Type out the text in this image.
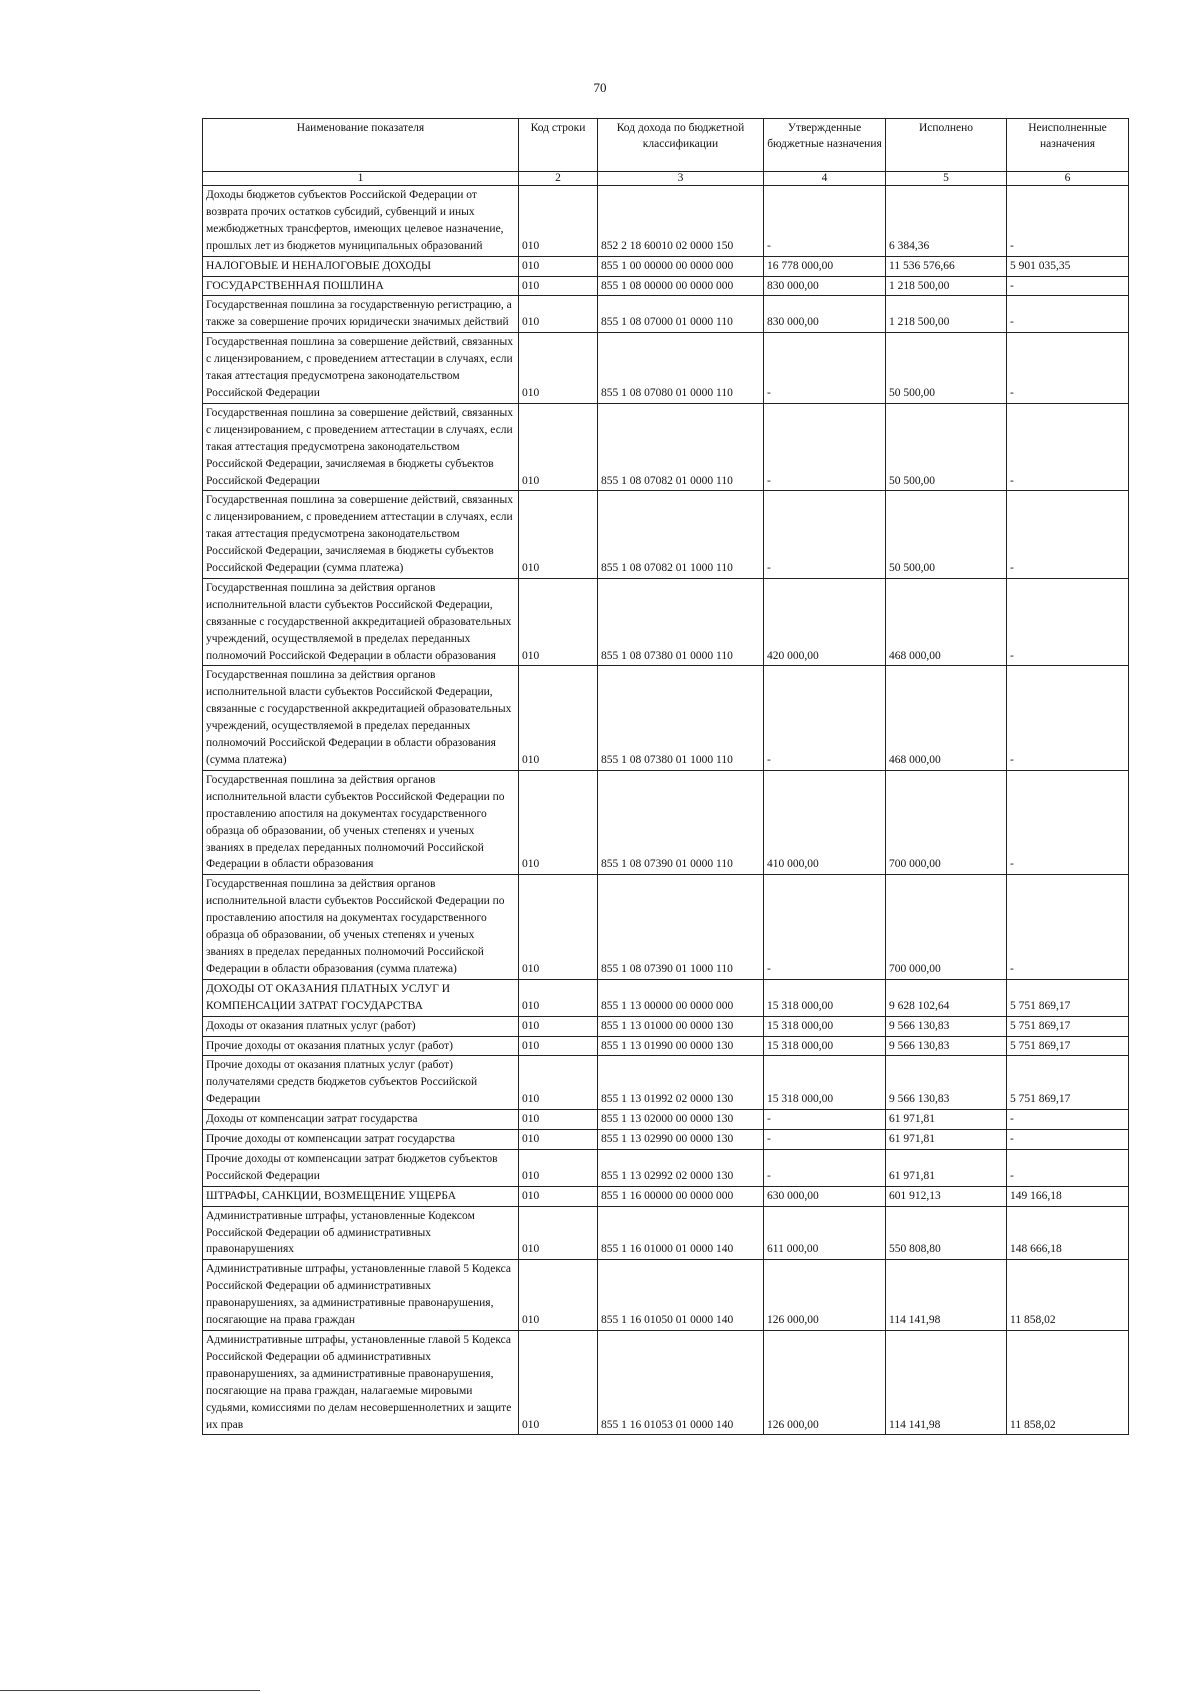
70
Наименование показателя	Код строки	Код дохода по бюджетной классификации	Утвержденные бюджетные назначения	Исполнено	Неисполненные назначения
1	2	3	4	5	6
Доходы бюджетов субъектов Российской Федерации от возврата прочих остатков субсидий, субвенций и иных межбюджетных трансфертов, имеющих целевое назначение, прошлых лет из бюджетов муниципальных образований	010	852 2 18 60010 02 0000 150	-	6 384,36	-
НАЛОГОВЫЕ И НЕНАЛОГОВЫЕ ДОХОДЫ	010	855 1 00 00000 00 0000 000	16 778 000,00	11 536 576,66	5 901 035,35
ГОСУДАРСТВЕННАЯ ПОШЛИНА	010	855 1 08 00000 00 0000 000	830 000,00	1 218 500,00	-
Государственная пошлина за государственную регистрацию, а также за совершение прочих юридически значимых действий	010	855 1 08 07000 01 0000 110	830 000,00	1 218 500,00	-
Государственная пошлина за совершение действий, связанных с лицензированием, с проведением аттестации в случаях, если такая аттестация предусмотрена законодательством Российской Федерации	010	855 1 08 07080 01 0000 110	-	50 500,00	-
Государственная пошлина за совершение действий, связанных с лицензированием, с проведением аттестации в случаях, если такая аттестация предусмотрена законодательством Российской Федерации, зачисляемая в бюджеты субъектов Российской Федерации	010	855 1 08 07082 01 0000 110	-	50 500,00	-
Государственная пошлина за совершение действий, связанных с лицензированием, с проведением аттестации в случаях, если такая аттестация предусмотрена законодательством Российской Федерации, зачисляемая в бюджеты субъектов Российской Федерации (сумма платежа)	010	855 1 08 07082 01 1000 110	-	50 500,00	-
Государственная пошлина за действия органов исполнительной власти субъектов Российской Федерации, связанные с государственной аккредитацией образовательных учреждений, осуществляемой в пределах переданных полномочий Российской Федерации в области образования	010	855 1 08 07380 01 0000 110	420 000,00	468 000,00	-
Государственная пошлина за действия органов исполнительной власти субъектов Российской Федерации, связанные с государственной аккредитацией образовательных учреждений, осуществляемой в пределах переданных полномочий Российской Федерации в области образования (сумма платежа)	010	855 1 08 07380 01 1000 110	-	468 000,00	-
Государственная пошлина за действия органов исполнительной власти субъектов Российской Федерации по проставлению апостиля на документах государственного образца об образовании, об ученых степенях и ученых званиях в пределах переданных полномочий Российской Федерации в области образования	010	855 1 08 07390 01 0000 110	410 000,00	700 000,00	-
Государственная пошлина за действия органов исполнительной власти субъектов Российской Федерации по проставлению апостиля на документах государственного образца об образовании, об ученых степенях и ученых званиях в пределах переданных полномочий Российской Федерации в области образования (сумма платежа)	010	855 1 08 07390 01 1000 110	-	700 000,00	-
ДОХОДЫ ОТ ОКАЗАНИЯ ПЛАТНЫХ УСЛУГ И КОМПЕНСАЦИИ ЗАТРАТ ГОСУДАРСТВА	010	855 1 13 00000 00 0000 000	15 318 000,00	9 628 102,64	5 751 869,17
Доходы от оказания платных услуг (работ)	010	855 1 13 01000 00 0000 130	15 318 000,00	9 566 130,83	5 751 869,17
Прочие доходы от оказания платных услуг (работ)	010	855 1 13 01990 00 0000 130	15 318 000,00	9 566 130,83	5 751 869,17
Прочие доходы от оказания платных услуг (работ) получателями средств бюджетов субъектов Российской Федерации	010	855 1 13 01992 02 0000 130	15 318 000,00	9 566 130,83	5 751 869,17
Доходы от компенсации затрат государства	010	855 1 13 02000 00 0000 130	-	61 971,81	-
Прочие доходы от компенсации затрат государства	010	855 1 13 02990 00 0000 130	-	61 971,81	-
Прочие доходы от компенсации затрат бюджетов субъектов Российской Федерации	010	855 1 13 02992 02 0000 130	-	61 971,81	-
ШТРАФЫ, САНКЦИИ, ВОЗМЕЩЕНИЕ УЩЕРБА	010	855 1 16 00000 00 0000 000	630 000,00	601 912,13	149 166,18
Административные штрафы, установленные Кодексом Российской Федерации об административных правонарушениях	010	855 1 16 01000 01 0000 140	611 000,00	550 808,80	148 666,18
Административные штрафы, установленные главой 5 Кодекса Российской Федерации об административных правонарушениях, за административные правонарушения, посягающие на права граждан	010	855 1 16 01050 01 0000 140	126 000,00	114 141,98	11 858,02
Административные штрафы, установленные главой 5 Кодекса Российской Федерации об административных правонарушениях, за административные правонарушения, посягающие на права граждан, налагаемые мировыми судьями, комиссиями по делам несовершеннолетних и защите их прав	010	855 1 16 01053 01 0000 140	126 000,00	114 141,98	11 858,02
